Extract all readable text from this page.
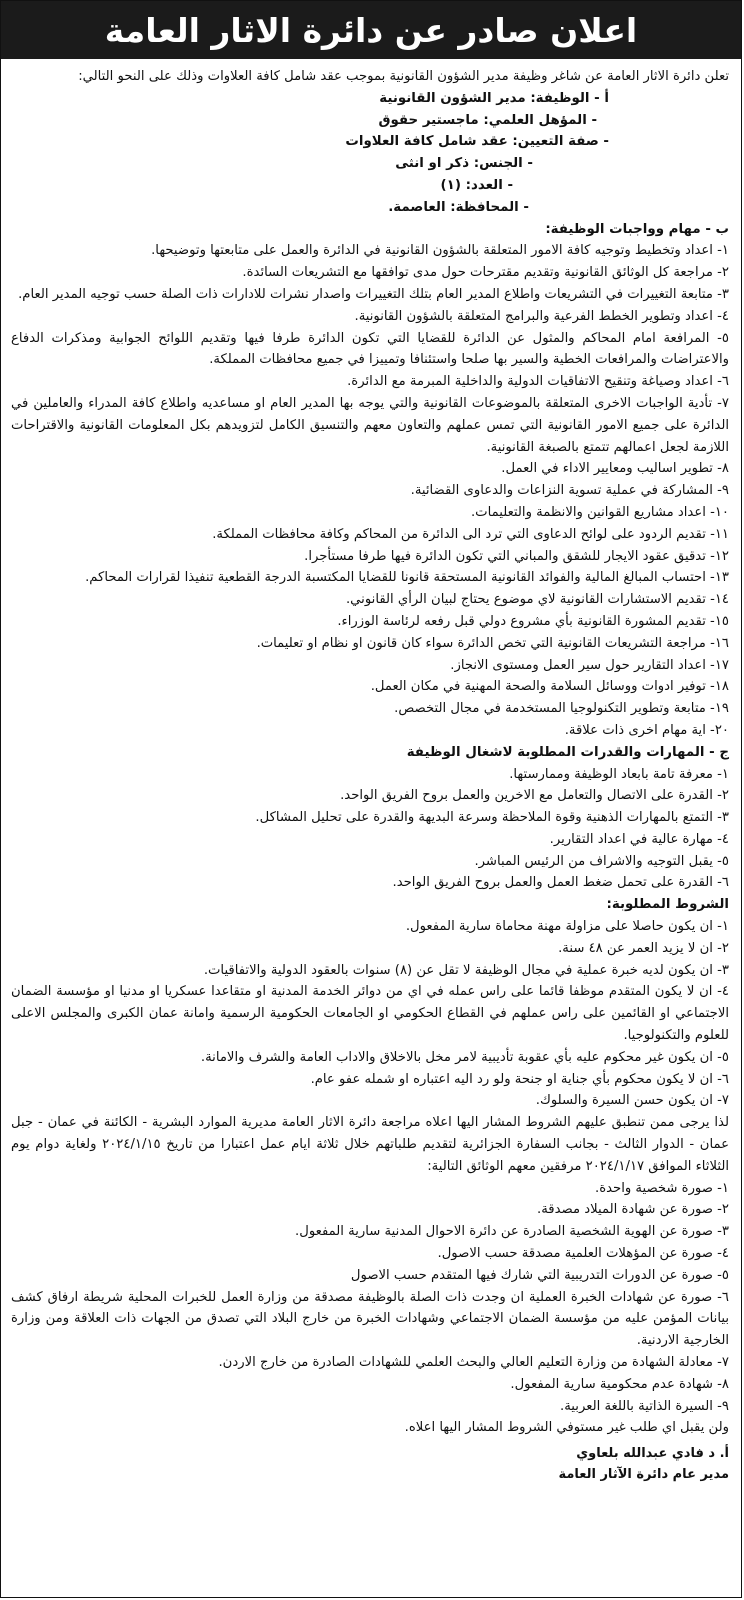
اعلان صادر عن دائرة الاثار العامة
تعلن دائرة الاثار العامة عن شاغر وظيفة مدير الشؤون القانونية بموجب عقد شامل كافة العلاوات وذلك على النحو التالي:
أ - الوظيفة: مدير الشؤون القانونية
- المؤهل العلمي: ماجستير حقوق
- صفة التعيين: عقد شامل كافة العلاوات
- الجنس: ذكر او انثى
- العدد: (١)
- المحافظة: العاصمة.
ب - مهام وواجبات الوظيفة:
١- اعداد وتخطيط وتوجيه كافة الامور المتعلقة بالشؤون القانونية في الدائرة والعمل على متابعتها وتوضيحها.
٢- مراجعة كل الوثائق القانونية وتقديم مقترحات حول مدى توافقها مع التشريعات السائدة.
٣- متابعة التغييرات في التشريعات واطلاع المدير العام بتلك التغييرات واصدار نشرات للادارات ذات الصلة حسب توجيه المدير العام.
٤- اعداد وتطوير الخطط الفرعية والبرامج المتعلقة بالشؤون القانونية.
٥- المرافعة امام المحاكم والمثول عن الدائرة للقضايا التي تكون الدائرة طرفا فيها وتقديم اللوائح الجوابية ومذكرات الدفاع والاعتراضات والمرافعات الخطية والسير بها صلحا واستئنافا وتمييزا في جميع محافظات المملكة.
٦- اعداد وصياغة وتنقيح الاتفاقيات الدولية والداخلية المبرمة مع الدائرة.
٧- تأدية الواجبات الاخرى المتعلقة بالموضوعات القانونية والتي يوجه بها المدير العام او مساعديه واطلاع كافة المدراء والعاملين في الدائرة على جميع الامور القانونية التي تمس عملهم والتعاون معهم والتنسيق الكامل لتزويدهم بكل المعلومات القانونية والاقتراحات اللازمة لجعل اعمالهم تتمتع بالصبغة القانونية.
٨- تطوير اساليب ومعايير الاداء في العمل.
٩- المشاركة في عملية تسوية النزاعات والدعاوى القضائية.
١٠- اعداد مشاريع القوانين والانظمة والتعليمات.
١١- تقديم الردود على لوائح الدعاوى التي ترد الى الدائرة من المحاكم وكافة محافظات المملكة.
١٢- تدقيق عقود الايجار للشقق والمباني التي تكون الدائرة فيها طرفا مستأجرا.
١٣- احتساب المبالغ المالية والفوائد القانونية المستحقة قانونا للقضايا المكتسبة الدرجة القطعية تنفيذا لقرارات المحاكم.
١٤- تقديم الاستشارات القانونية لاي موضوع يحتاج لبيان الرأي القانوني.
١٥- تقديم المشورة القانونية بأي مشروع دولي قبل رفعه لرئاسة الوزراء.
١٦- مراجعة التشريعات القانونية التي تخص الدائرة سواء كان قانون او نظام او تعليمات.
١٧- اعداد التقارير حول سير العمل ومستوى الانجاز.
١٨- توفير ادوات ووسائل السلامة والصحة المهنية في مكان العمل.
١٩- متابعة وتطوير التكنولوجيا المستخدمة في مجال التخصص.
٢٠- اية مهام اخرى ذات علاقة.
ج - المهارات والقدرات المطلوبة لاشغال الوظيفة
١- معرفة تامة بابعاد الوظيفة وممارستها.
٢- القدرة على الاتصال والتعامل مع الاخرين والعمل بروح الفريق الواحد.
٣- التمتع بالمهارات الذهنية وقوة الملاحظة وسرعة البديهة والقدرة على تحليل المشاكل.
٤- مهارة عالية في اعداد التقارير.
٥- يقبل التوجيه والاشراف من الرئيس المباشر.
٦- القدرة على تحمل ضغط العمل والعمل بروح الفريق الواحد.
الشروط المطلوبة:
١- ان يكون حاصلا على مزاولة مهنة محاماة سارية المفعول.
٢- ان لا يزيد العمر عن ٤٨ سنة.
٣- ان يكون لديه خبرة عملية في مجال الوظيفة لا تقل عن (٨) سنوات بالعقود الدولية والاتفاقيات.
٤- ان لا يكون المتقدم موظفا قائما على راس عمله في اي من دوائر الخدمة المدنية او متقاعدا عسكريا او مدنيا او مؤسسة الضمان الاجتماعي او القائمين على راس عملهم في القطاع الحكومي او الجامعات الحكومية الرسمية وامانة عمان الكبرى والمجلس الاعلى للعلوم والتكنولوجيا.
٥- ان يكون غير محكوم عليه بأي عقوبة تأديبية لامر مخل بالاخلاق والاداب العامة والشرف والامانة.
٦- ان لا يكون محكوم بأي جناية او جنحة ولو رد اليه اعتباره او شمله عفو عام.
٧- ان يكون حسن السيرة والسلوك.
لذا يرجى ممن تنطبق عليهم الشروط المشار اليها اعلاه مراجعة دائرة الاثار العامة مديرية الموارد البشرية - الكائنة في عمان - جبل عمان - الدوار الثالث - بجانب السفارة الجزائرية لتقديم طلباتهم خلال ثلاثة ايام عمل اعتبارا من تاريخ ٢٠٢٤/١/١٥ ولغاية دوام يوم الثلاثاء الموافق ٢٠٢٤/١/١٧ مرفقين معهم الوثائق التالية:
١- صورة شخصية واحدة.
٢- صورة عن شهادة الميلاد مصدقة.
٣- صورة عن الهوية الشخصية الصادرة عن دائرة الاحوال المدنية سارية المفعول.
٤- صورة عن المؤهلات العلمية مصدقة حسب الاصول.
٥- صورة عن الدورات التدريبية التي شارك فيها المتقدم حسب الاصول
٦- صورة عن شهادات الخبرة العملية ان وجدت ذات الصلة بالوظيفة مصدقة من وزارة العمل للخبرات المحلية شريطة ارفاق كشف بيانات المؤمن عليه من مؤسسة الضمان الاجتماعي وشهادات الخبرة من خارج البلاد التي تصدق من الجهات ذات العلاقة ومن وزارة الخارجية الاردنية.
٧- معادلة الشهادة من وزارة التعليم العالي والبحث العلمي للشهادات الصادرة من خارج الاردن.
٨- شهادة عدم محكومية سارية المفعول.
٩- السيرة الذاتية باللغة العربية.
ولن يقبل اي طلب غير مستوفي الشروط المشار اليها اعلاه.
أ. د فادي عبدالله بلعاوي
مدير عام دائرة الآثار العامة
